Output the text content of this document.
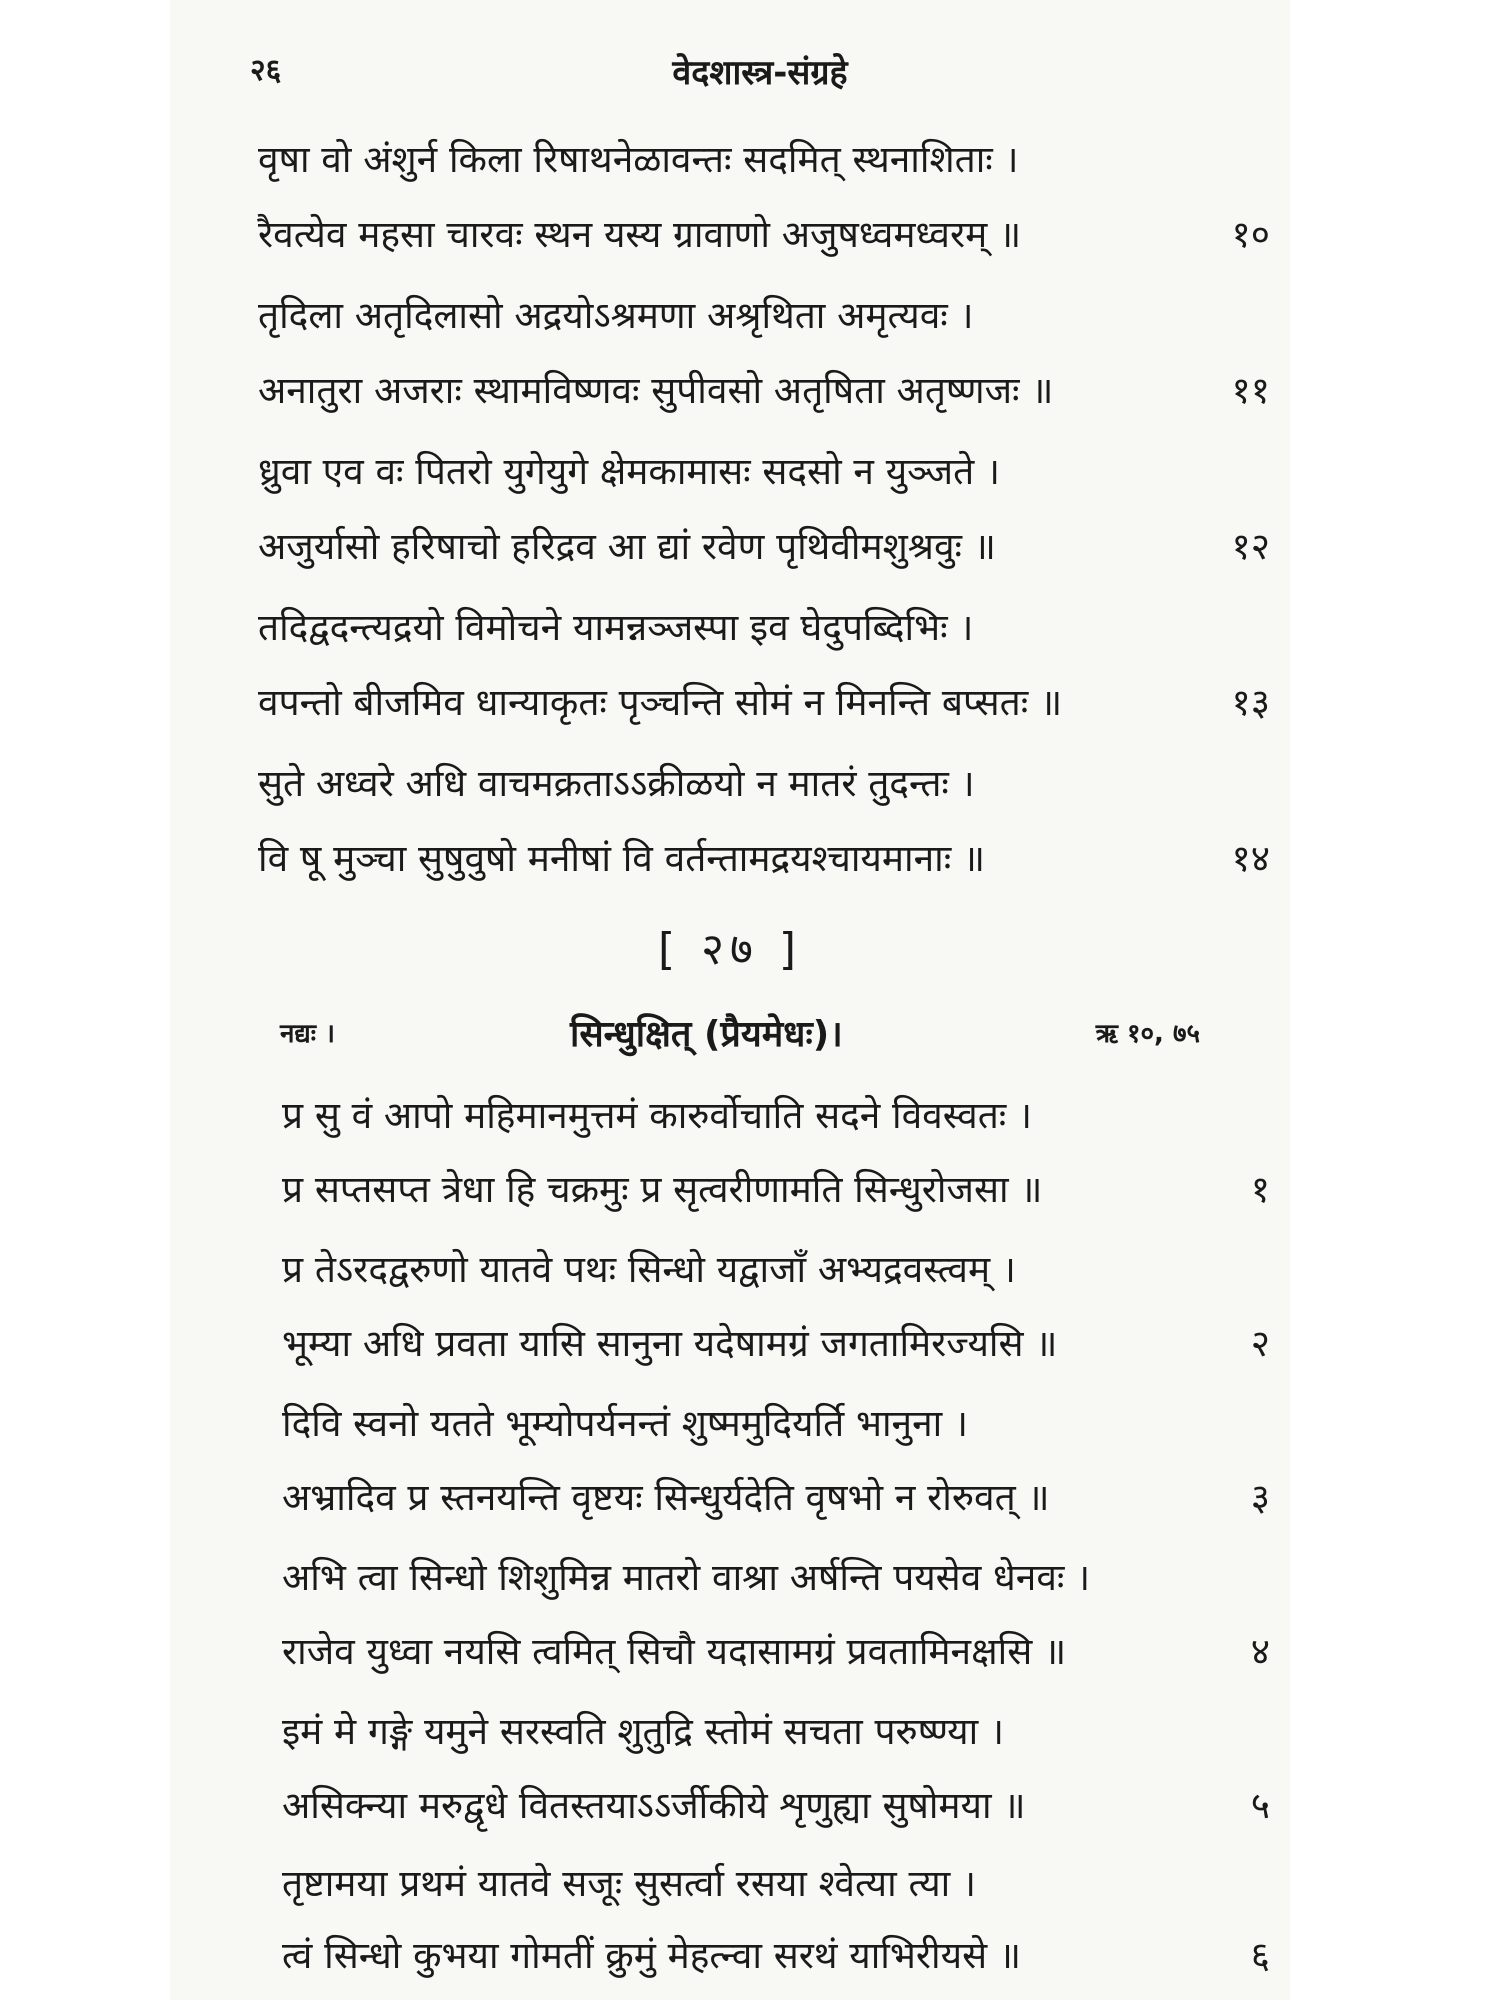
२६	वेदशास्त्र-संग्रहे
वृषा वो अंशुर्न किला रिषाथनेळावन्तः सदमित् स्थनाशिताः ।
रैवत्येव महसा चारवः स्थन यस्य ग्रावाणो अजुषध्वमध्वरम् ॥	१०
तृदिला अतृदिलासो अद्रयोऽश्रमणा अश्रृथिता अमृत्यवः ।
अनातुरा अजराः स्थामविष्णवः सुपीवसो अतृषिता अतृष्णजः ॥	११
ध्रुवा एव वः पितरो युगेयुगे क्षेमकामासः सदसो न युञ्जते ।
अजुर्यासो हरिषाचो हरिद्रव आ द्यां रवेण पृथिवीमशुश्रवुः ॥	१२
तदिद्वदन्त्यद्रयो विमोचने यामन्नञ्जस्पा इव घेदुपब्दिभिः ।
वपन्तो बीजमिव धान्याकृतः पृञ्चन्ति सोमं न मिनन्ति बप्सतः ॥	१३
सुते अध्वरे अधि वाचमक्रताऽऽक्रीळयो न मातरं तुदन्तः ।
वि षू मुञ्चा सुषुवुषो मनीषां वि वर्तन्तामद्रयश्चायमानाः ॥	१४
[ २७ ]
नद्यः ।	सिन्धुक्षित् (प्रैयमेधः)।	ऋ १०, ७५
प्र सु वं आपो महिमानमुत्तमं कारुर्वोचाति सदने विवस्वतः ।
प्र सप्तसप्त त्रेधा हि चक्रमुः प्र सृत्वरीणामति सिन्धुरोजसा ॥	१
प्र तेऽरदद्वरुणो यातवे पथः सिन्धो यद्वाजाँ अभ्यद्रवस्त्वम् ।
भूम्या अधि प्रवता यासि सानुना यदेषामग्रं जगतामिरज्यसि ॥	२
दिवि स्वनो यतते भूम्योपर्यनन्तं शुष्ममुदियर्ति भानुना ।
अभ्रादिव प्र स्तनयन्ति वृष्टयः सिन्धुर्यदेति वृषभो न रोरुवत् ॥	३
अभि त्वा सिन्धो शिशुमिन्न मातरो वाश्रा अर्षन्ति पयसेव धेनवः ।
राजेव युध्वा नयसि त्वमित् सिचौ यदासामग्रं प्रवतामिनक्षसि ॥	४
इमं मे गङ्गे यमुने सरस्वति शुतुद्रि स्तोमं सचता परुष्ण्या ।
असिक्न्या मरुद्वृधे वितस्तयाऽऽर्जीकीये शृणुह्या सुषोमया ॥	५
तृष्टामया प्रथमं यातवे सजूः सुसर्त्वा रसया श्वेत्या त्या ।
त्वं सिन्धो कुभया गोमतीं क्रुमुं मेहत्न्वा सरथं याभिरीयसे ॥	६
